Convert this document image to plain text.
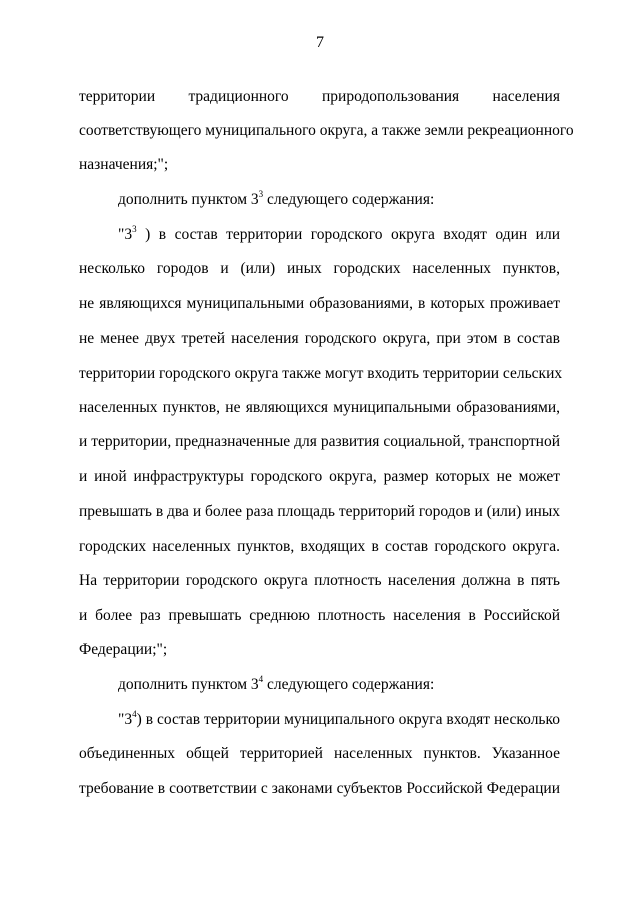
7
территории традиционного природопользования населения
соответствующего муниципального округа, а также земли рекреационного
назначения;";
дополнить пунктом $3^3$ следующего содержания:
"$3^3$ ) в состав территории городского округа входят один или
несколько городов и (или) иных городских населенных пунктов,
не являющихся муниципальными образованиями, в которых проживает
не менее двух третей населения городского округа, при этом в состав
территории городского округа также могут входить территории сельских
населенных пунктов, не являющихся муниципальными образованиями,
и территории, предназначенные для развития социальной, транспортной
и иной инфраструктуры городского округа, размер которых не может
превышать в два и более раза площадь территорий городов и (или) иных
городских населенных пунктов, входящих в состав городского округа.
На территории городского округа плотность населения должна в пять
и более раз превышать среднюю плотность населения в Российской
Федерации;";
дополнить пунктом $3^4$ следующего содержания:
"$3^4$) в состав территории муниципального округа входят несколько
объединенных общей территорией населенных пунктов. Указанное
требование в соответствии с законами субъектов Российской Федерации
